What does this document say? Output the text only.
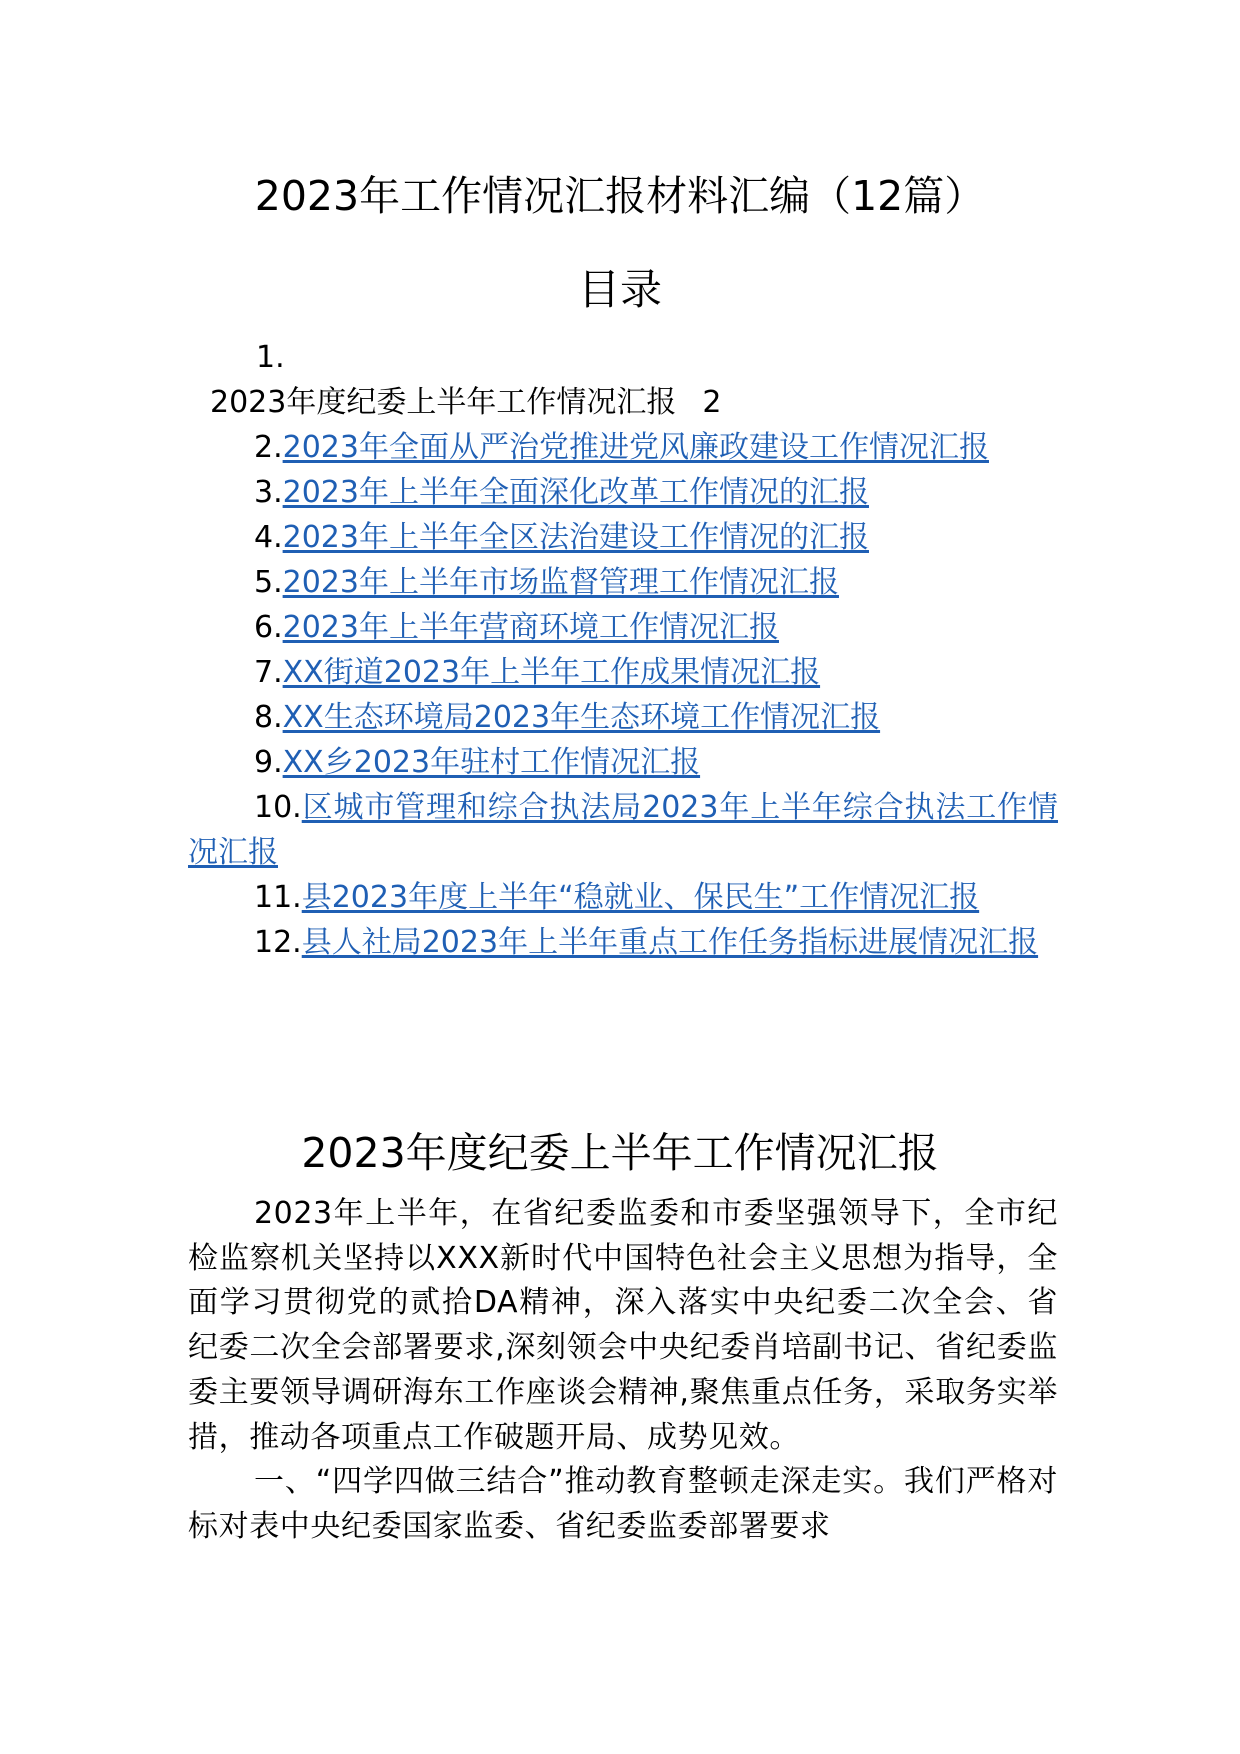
2023年工作情况汇报材料汇编（12篇）
目录
1.
2023年度纪委上半年工作情况汇报 2
2.2023年全面从严治党推进党风廉政建设工作情况汇报
3.2023年上半年全面深化改革工作情况的汇报
4.2023年上半年全区法治建设工作情况的汇报
5.2023年上半年市场监督管理工作情况汇报
6.2023年上半年营商环境工作情况汇报
7.XX街道2023年上半年工作成果情况汇报
8.XX生态环境局2023年生态环境工作情况汇报
9.XX乡2023年驻村工作情况汇报
10.区城市管理和综合执法局2023年上半年综合执法工作情况汇报
11.县2023年度上半年“稳就业、保民生”工作情况汇报
12.县人社局2023年上半年重点工作任务指标进展情况汇报
2023年度纪委上半年工作情况汇报

2023年上半年，在省纪委监委和市委坚强领导下，全市纪检监察机关坚持以XXX新时代中国特色社会主义思想为指导，全面学习贯彻党的贰拾DA精神，深入落实中央纪委二次全会、省纪委二次全会部署要求,深刻领会中央纪委肖培副书记、省纪委监委主要领导调研海东工作座谈会精神,聚焦重点任务，采取务实举措，推动各项重点工作破题开局、成势见效。

一、“四学四做三结合”推动教育整顿走深走实。我们严格对标对表中央纪委国家监委、省纪委监委部署要求
